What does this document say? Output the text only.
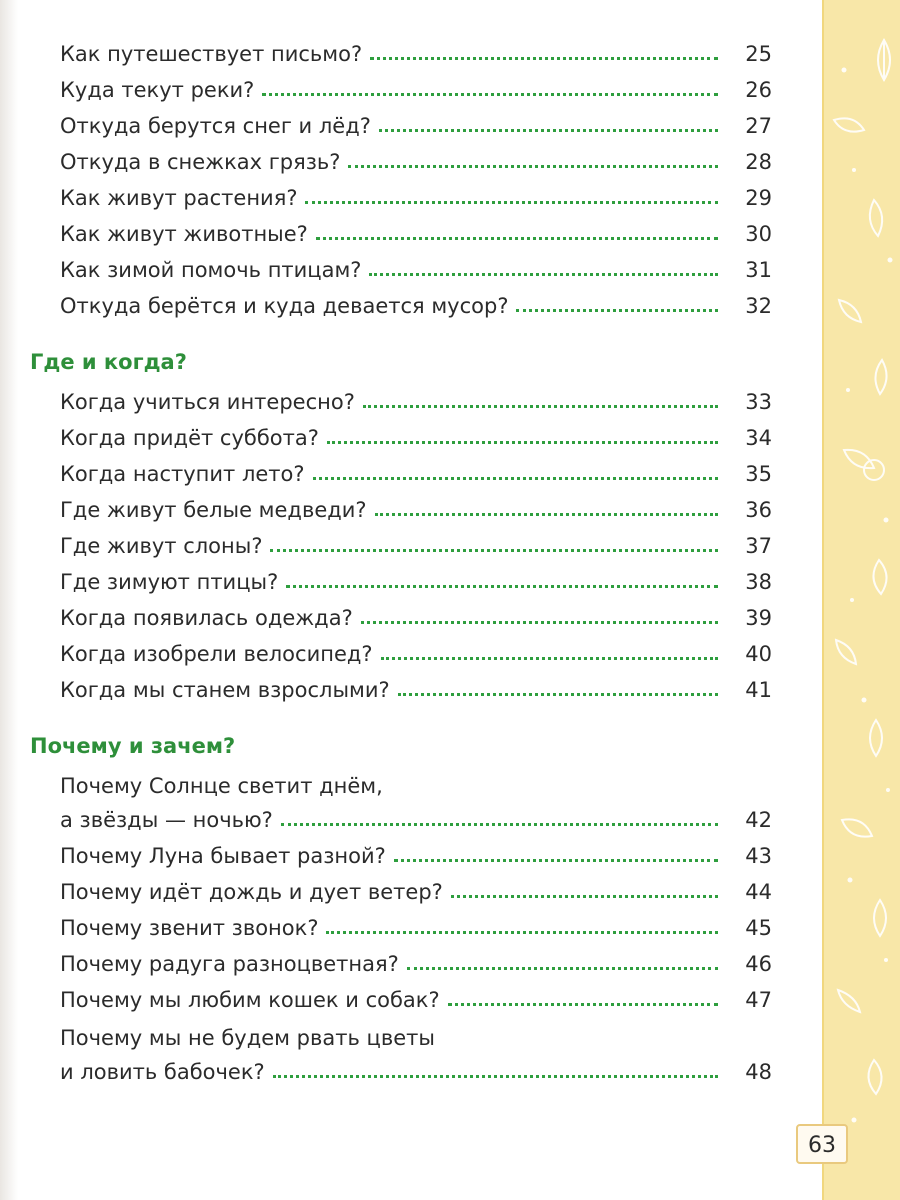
Как путешествует письмо?	25
Куда текут реки?	26
Откуда берутся снег и лёд?	27
Откуда в снежках грязь?	28
Как живут растения?	29
Как живут животные?	30
Как зимой помочь птицам?	31
Откуда берётся и куда девается мусор?	32
Где и когда?
Когда учиться интересно?	33
Когда придёт суббота?	34
Когда наступит лето?	35
Где живут белые медведи?	36
Где живут слоны?	37
Где зимуют птицы?	38
Когда появилась одежда?	39
Когда изобрели велосипед?	40
Когда мы станем взрослыми?	41
Почему и зачем?
Почему Солнце светит днём,
а звёзды — ночью?	42
Почему Луна бывает разной?	43
Почему идёт дождь и дует ветер?	44
Почему звенит звонок?	45
Почему радуга разноцветная?	46
Почему мы любим кошек и собак?	47
Почему мы не будем рвать цветы
и ловить бабочек?	48
63
